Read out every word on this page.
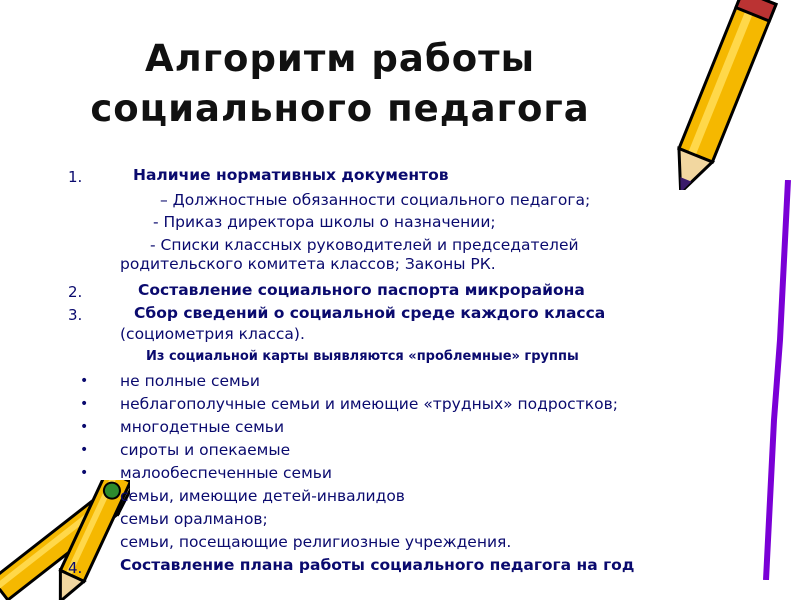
Алгоритм работы
социального педагога
1.	Наличие нормативных документов
– Должностные обязанности социального педагога;
- Приказ директора школы о назначении;
- Списки классных руководителей и председателей
родительского комитета классов; Законы РК.
2.	Составление социального паспорта микрорайона
3.	Сбор сведений о социальной среде каждого класса
(социометрия класса).
Из социальной карты выявляются «проблемные» группы
• не полные семьи
• неблагополучные семьи и имеющие «трудных» подростков;
• многодетные семьи
• сироты и опекаемые
• малообеспеченные семьи
семьи, имеющие детей-инвалидов
семьи оралманов;
семьи, посещающие религиозные учреждения.
4. Составление плана работы социального педагога на год
